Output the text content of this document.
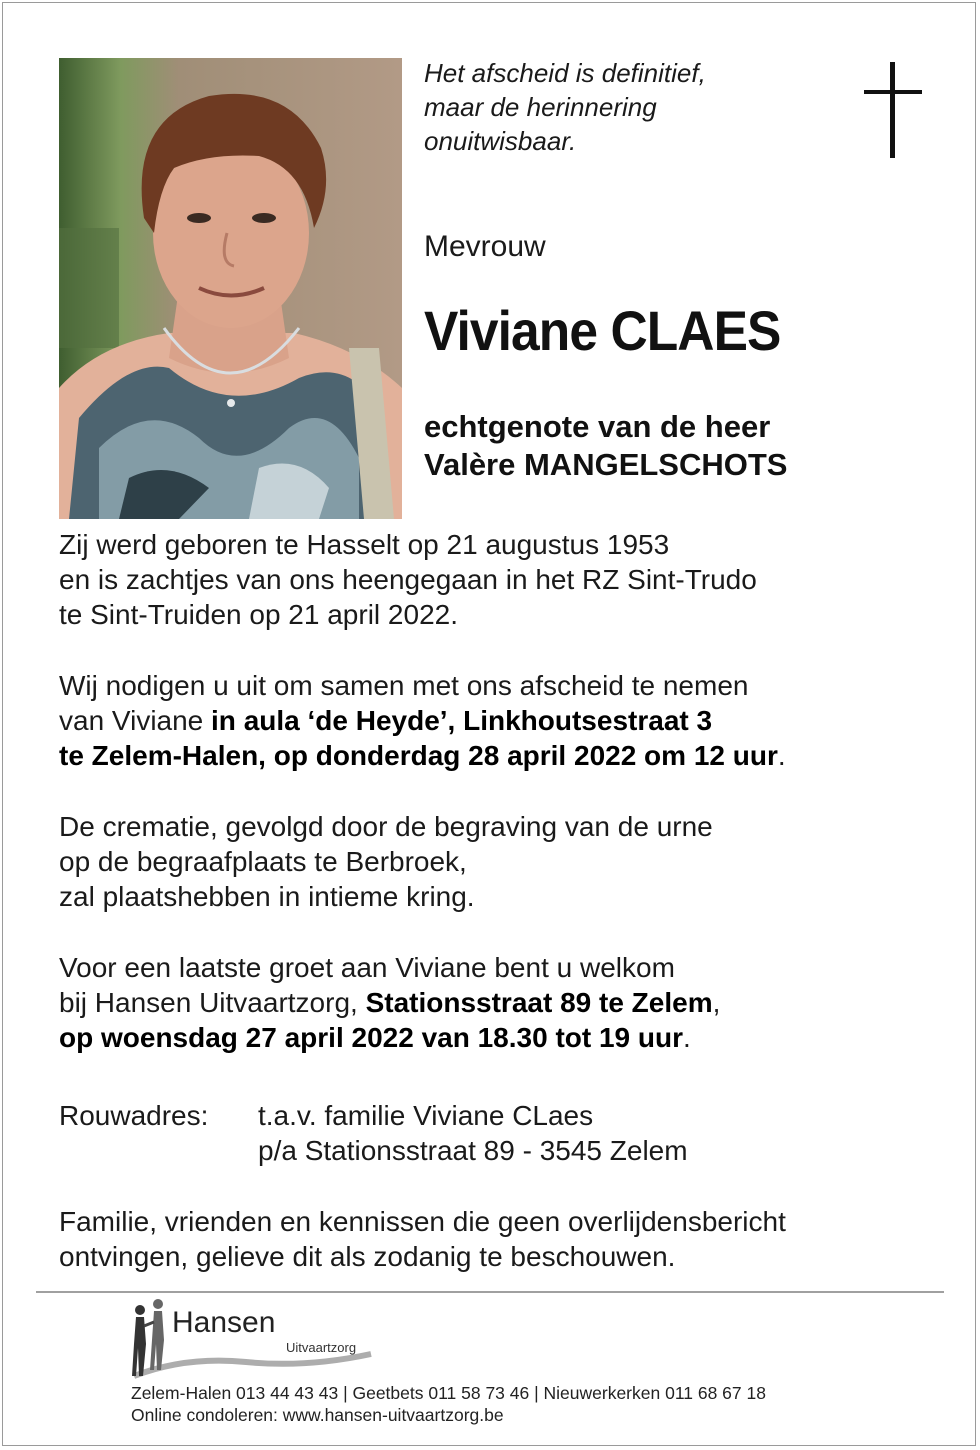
Het afscheid is definitief,
maar de herinnering
onuitwisbaar.
Mevrouw
Viviane CLAES
echtgenote van de heer
Valère MANGELSCHOTS
Zij werd geboren te Hasselt op 21 augustus 1953
en is zachtjes van ons heengegaan in het RZ Sint-Trudo
te Sint-Truiden op 21 april 2022.
Wij nodigen u uit om samen met ons afscheid te nemen
van Viviane in aula ‘de Heyde’, Linkhoutsestraat 3
te Zelem-Halen, op donderdag 28 april 2022 om 12 uur.
De crematie, gevolgd door de begraving van de urne
op de begraafplaats te Berbroek,
zal plaatshebben in intieme kring.
Voor een laatste groet aan Viviane bent u welkom
bij Hansen Uitvaartzorg, Stationsstraat 89 te Zelem,
op woensdag 27 april 2022 van 18.30 tot 19 uur.
Rouwadres: t.a.v. familie Viviane CLaes
p/a Stationsstraat 89 - 3545 Zelem
Familie, vrienden en kennissen die geen overlijdensbericht
ontvingen, gelieve dit als zodanig te beschouwen.
Hansen
Uitvaartzorg
Zelem-Halen 013 44 43 43 | Geetbets 011 58 73 46 | Nieuwerkerken 011 68 67 18
Online condoleren: www.hansen-uitvaartzorg.be
